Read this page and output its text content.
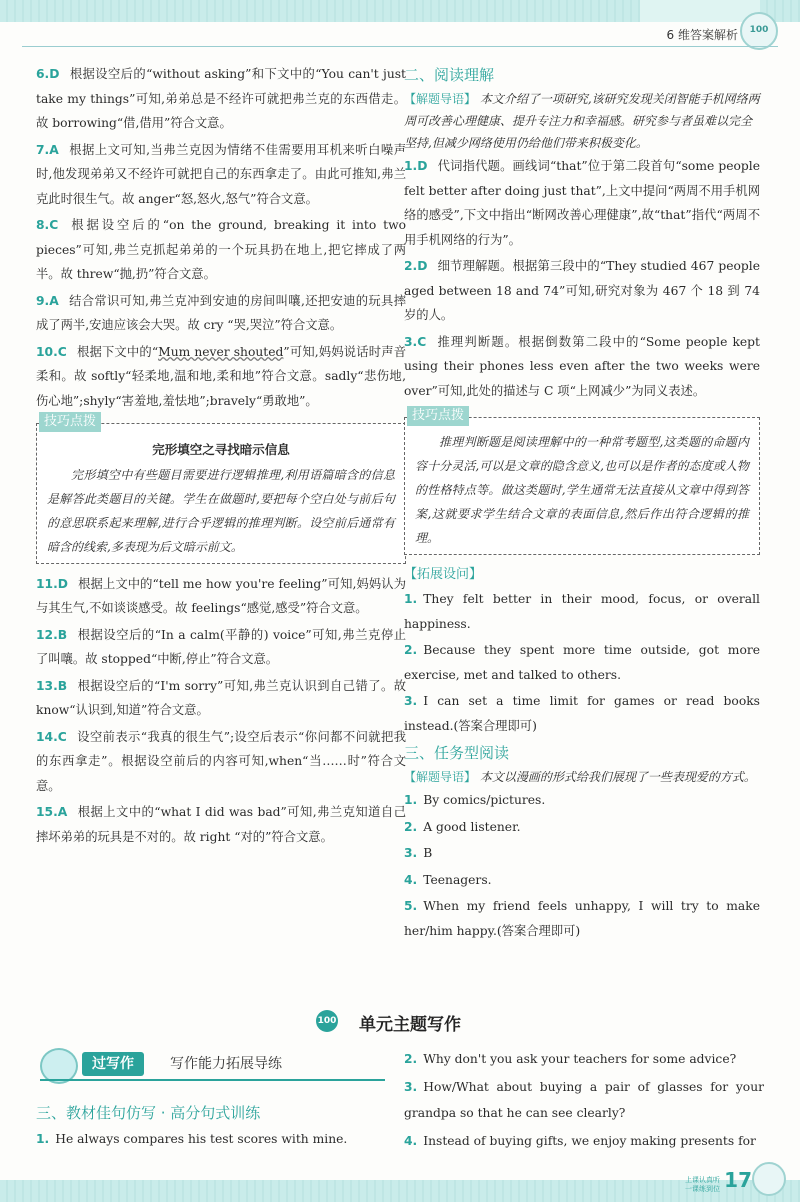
6 维答案解析	100
6.D 根据设空后的“without asking”和下文中的“You can't just take my things”可知,弟弟总是不经许可就把弗兰克的东西借走。故 borrowing“借,借用”符合文意。
7.A 根据上文可知,当弗兰克因为情绪不佳需要用耳机来听白噪声时,他发现弟弟又不经许可就把自己的东西拿走了。由此可推知,弗兰克此时很生气。故 anger“怒,怒火,怒气”符合文意。
8.C 根据设空后的“on the ground, breaking it into two pieces”可知,弗兰克抓起弟弟的一个玩具扔在地上,把它摔成了两半。故 threw“抛,扔”符合文意。
9.A 结合常识可知,弗兰克冲到安迪的房间叫嚷,还把安迪的玩具摔成了两半,安迪应该会大哭。故 cry “哭,哭泣”符合文意。
10.C 根据下文中的“Mum never shouted”可知,妈妈说话时声音柔和。故 softly“轻柔地,温和地,柔和地”符合文意。sadly“悲伤地,伤心地”;shyly“害羞地,羞怯地”;bravely“勇敢地”。
技巧点拨
完形填空之寻找暗示信息
完形填空中有些题目需要进行逻辑推理,利用语篇暗含的信息是解答此类题目的关键。学生在做题时,要把每个空白处与前后句的意思联系起来理解,进行合乎逻辑的推理判断。设空前后通常有暗含的线索,多表现为后文暗示前文。
11.D 根据上文中的“tell me how you're feeling”可知,妈妈认为与其生气,不如谈谈感受。故 feelings“感觉,感受”符合文意。
12.B 根据设空后的“In a calm(平静的) voice”可知,弗兰克停止了叫嚷。故 stopped“中断,停止”符合文意。
13.B 根据设空后的“I'm sorry”可知,弗兰克认识到自己错了。故 know“认识到,知道”符合文意。
14.C 设空前表示“我真的很生气”;设空后表示“你问都不问就把我的东西拿走”。根据设空前后的内容可知,when“当……时”符合文意。
15.A 根据上文中的“what I did was bad”可知,弗兰克知道自己摔坏弟弟的玩具是不对的。故 right “对的”符合文意。
二、阅读理解
【解题导语】 本文介绍了一项研究,该研究发现关闭智能手机网络两周可改善心理健康、提升专注力和幸福感。研究参与者虽难以完全坚持,但减少网络使用仍给他们带来积极变化。
1.D 代词指代题。画线词“that”位于第二段首句“some people felt better after doing just that”,上文中提问“两周不用手机网络的感受”,下文中指出“断网改善心理健康”,故“that”指代“两周不用手机网络的行为”。
2.D 细节理解题。根据第三段中的“They studied 467 people aged between 18 and 74”可知,研究对象为 467 个 18 到 74 岁的人。
3.C 推理判断题。根据倒数第二段中的“Some people kept using their phones less even after the two weeks were over”可知,此处的描述与 C 项“上网减少”为同义表述。
技巧点拨
推理判断题是阅读理解中的一种常考题型,这类题的命题内容十分灵活,可以是文章的隐含意义,也可以是作者的态度或人物的性格特点等。做这类题时,学生通常无法直接从文章中得到答案,这就要求学生结合文章的表面信息,然后作出符合逻辑的推理。
【拓展设问】
1. They felt better in their mood, focus, or overall happiness.
2. Because they spent more time outside, got more exercise, met and talked to others.
3. I can set a time limit for games or read books instead.(答案合理即可)
三、任务型阅读
【解题导语】 本文以漫画的形式给我们展现了一些表现爱的方式。
1. By comics/pictures.
2. A good listener.
3. B
4. Teenagers.
5. When my friend feels unhappy, I will try to make her/him happy.(答案合理即可)
100	单元主题写作
过写作	写作能力拓展导练
三、教材佳句仿写 · 高分句式训练
1. He always compares his test scores with mine.
2. Why don't you ask your teachers for some advice?
3. How/What about buying a pair of glasses for your grandpa so that he can see clearly?
4. Instead of buying gifts, we enjoy making presents for
上课认真听
一课练到位 17
